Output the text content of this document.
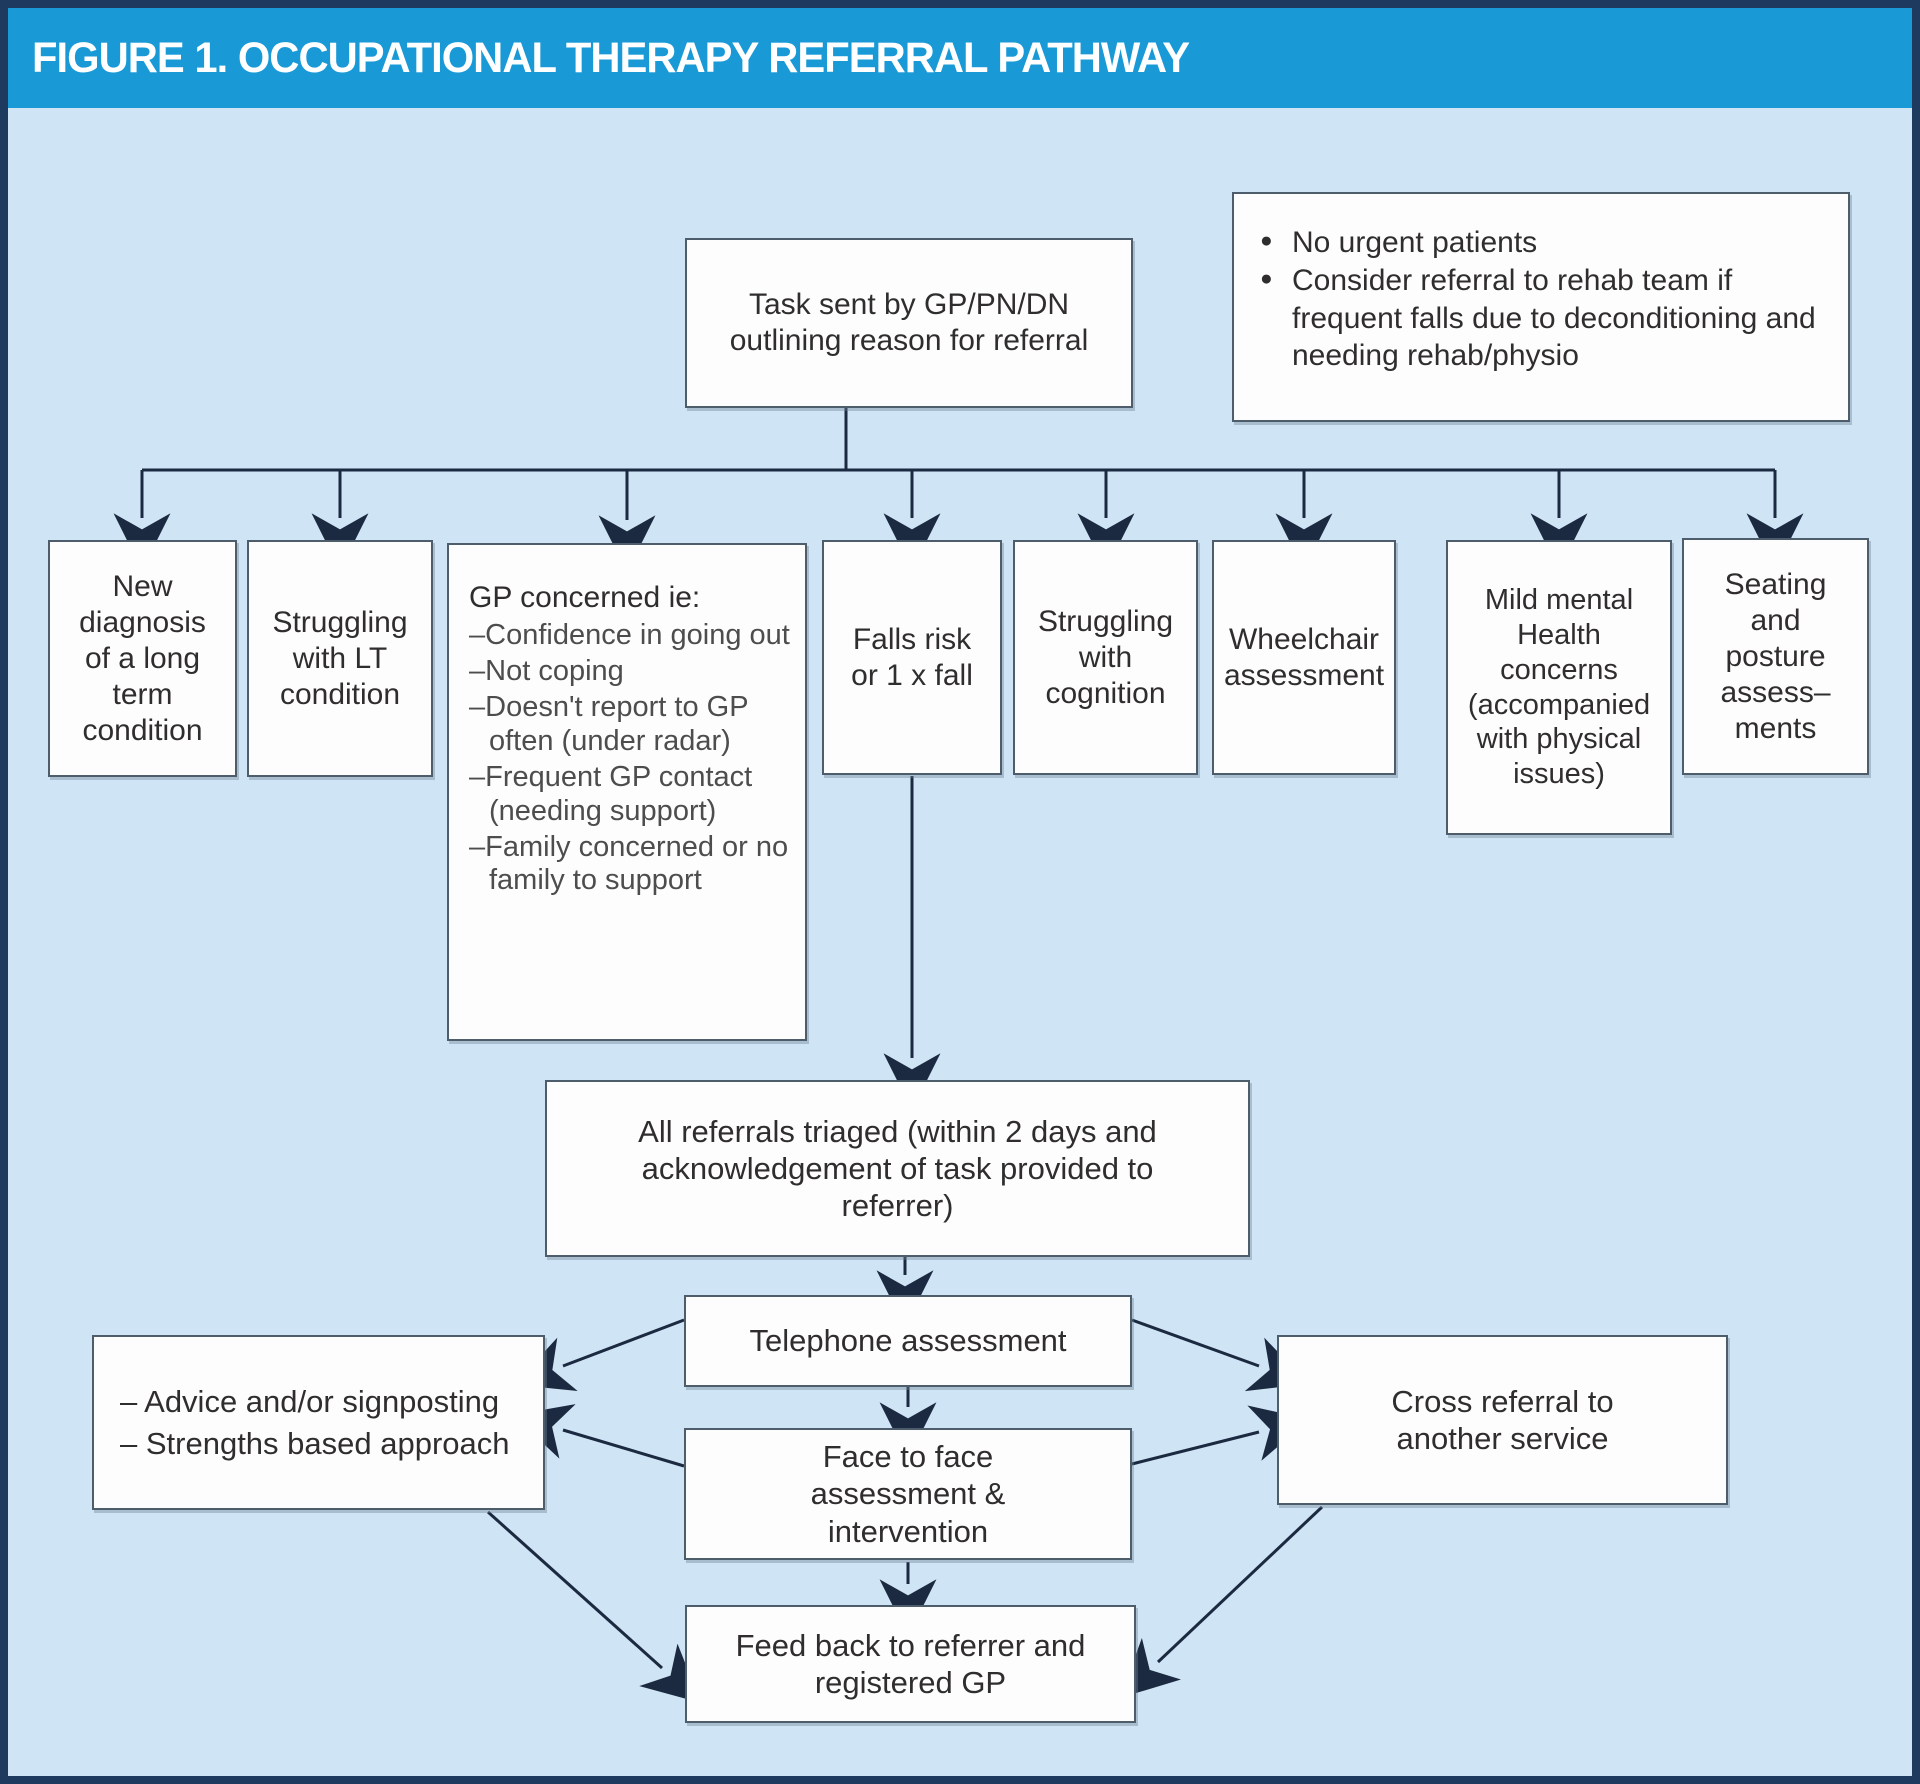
FIGURE 1. OCCUPATIONAL THERAPY REFERRAL PATHWAY
Task sent by GP/PN/DN outlining reason for referral
● No urgent patients
● Consider referral to rehab team if frequent falls due to deconditioning and needing rehab/physio
New diagnosis of a long term condition
Struggling with LT condition
GP concerned ie:
–Confidence in going out
–Not coping
–Doesn't report to GP often (under radar)
–Frequent GP contact (needing support)
–Family concerned or no family to support
Falls risk or 1 x fall
Struggling with cognition
Wheelchair assessment
Mild mental Health concerns (accompanied with physical issues)
Seating and posture assess–ments
All referrals triaged (within 2 days and acknowledgement of task provided to referrer)
Telephone assessment
Face to face assessment & intervention
– Advice and/or signposting
– Strengths based approach
Cross referral to another service
Feed back to referrer and registered GP
